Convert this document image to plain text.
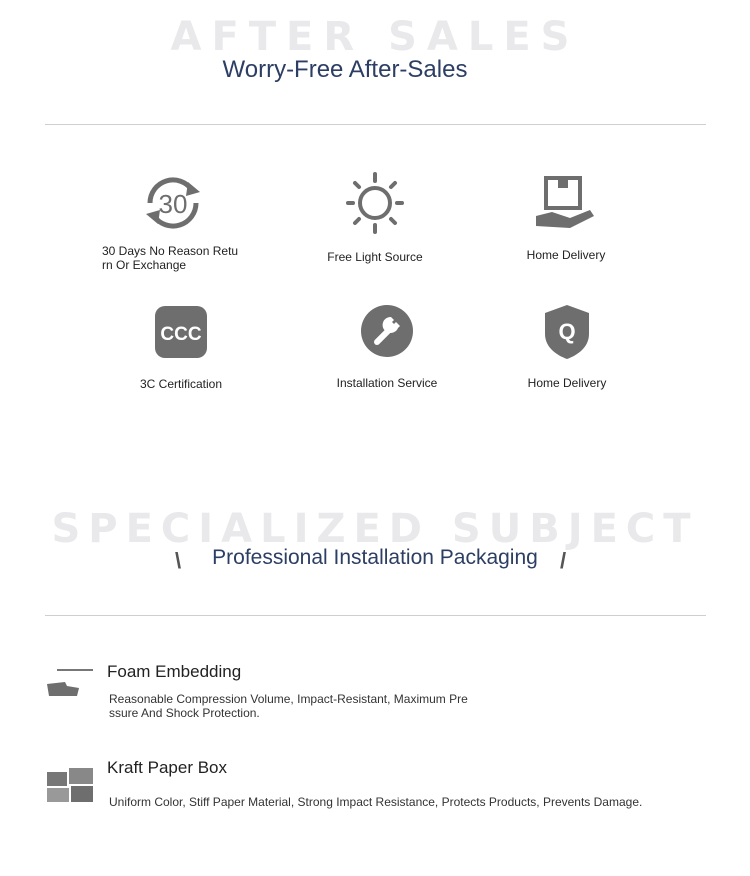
AFTER SALES
Worry-Free After-Sales
30
30 Days No Reason Retu
rn Or Exchange
Free Light Source	Home Delivery
CCC
3C Certification	Installation Service
Q
Home Delivery
SPECIALIZED SUBJECT
\	Professional Installation Packaging	/
Foam Embedding
Reasonable Compression Volume, Impact-Resistant, Maximum Pre
ssure And Shock Protection.
Kraft Paper Box
Uniform Color, Stiff Paper Material, Strong Impact Resistance, Protects Products, Prevents Damage.
